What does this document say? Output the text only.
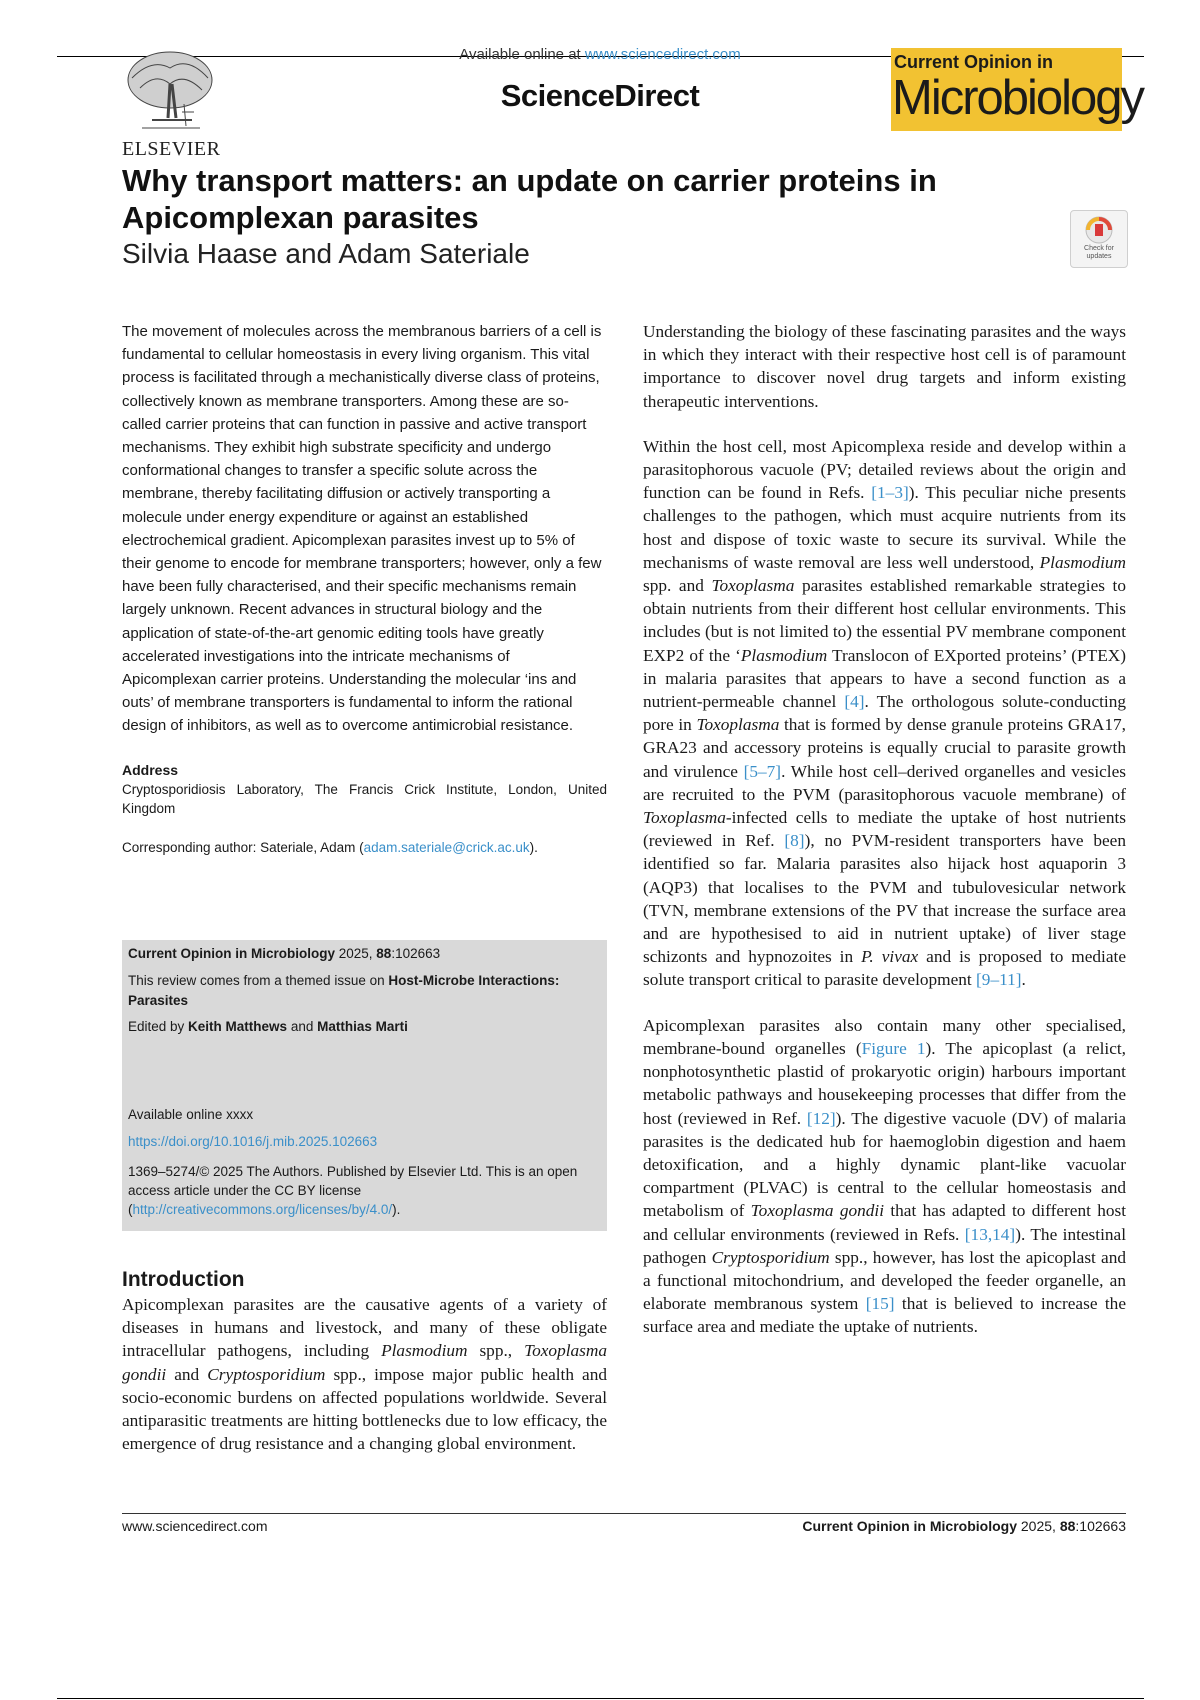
ELSEVIER
Available online at www.sciencedirect.com
ScienceDirect
Current Opinion in
Microbiology
Why transport matters: an update on carrier proteins in Apicomplexan parasites
Silvia Haase and Adam Sateriale	Check for updates

The movement of molecules across the membranous barriers of a cell is fundamental to cellular homeostasis in every living organism. This vital process is facilitated through a mechanistically diverse class of proteins, collectively known as membrane transporters. Among these are so-called carrier proteins that can function in passive and active transport mechanisms. They exhibit high substrate specificity and undergo conformational changes to transfer a specific solute across the membrane, thereby facilitating diffusion or actively transporting a molecule under energy expenditure or against an established electrochemical gradient. Apicomplexan parasites invest up to 5% of their genome to encode for membrane transporters; however, only a few have been fully characterised, and their specific mechanisms remain largely unknown. Recent advances in structural biology and the application of state-of-the-art genomic editing tools have greatly accelerated investigations into the intricate mechanisms of Apicomplexan carrier proteins. Understanding the molecular ‘ins and outs’ of membrane transporters is fundamental to inform the rational design of inhibitors, as well as to overcome antimicrobial resistance.

Address

Cryptosporidiosis Laboratory, The Francis Crick Institute, London, United Kingdom

Corresponding author: Sateriale, Adam (adam.sateriale@crick.ac.uk).

Current Opinion in Microbiology 2025, 88:102663
This review comes from a themed issue on Host-Microbe Interactions: Parasites
Edited by Keith Matthews and Matthias Marti
Available online xxxx
https://doi.org/10.1016/j.mib.2025.102663
1369–5274/© 2025 The Authors. Published by Elsevier Ltd. This is an open access article under the CC BY license (http://creativecommons.org/licenses/by/4.0/).
Introduction

Apicomplexan parasites are the causative agents of a variety of diseases in humans and livestock, and many of these obligate intracellular pathogens, including Plasmodium spp., Toxoplasma gondii and Cryptosporidium spp., impose major public health and socio-economic burdens on affected populations worldwide. Several antiparasitic treatments are hitting bottlenecks due to low efficacy, the emergence of drug resistance and a changing global environment.

Understanding the biology of these fascinating parasites and the ways in which they interact with their respective host cell is of paramount importance to discover novel drug targets and inform existing therapeutic interventions.

Within the host cell, most Apicomplexa reside and develop within a parasitophorous vacuole (PV; detailed reviews about the origin and function can be found in Refs. [1–3]). This peculiar niche presents challenges to the pathogen, which must acquire nutrients from its host and dispose of toxic waste to secure its survival. While the mechanisms of waste removal are less well understood, Plasmodium spp. and Toxoplasma parasites established remarkable strategies to obtain nutrients from their different host cellular environments. This includes (but is not limited to) the essential PV membrane component EXP2 of the ‘Plasmodium Translocon of EXported proteins’ (PTEX) in malaria parasites that appears to have a second function as a nutrient-permeable channel [4]. The orthologous solute-conducting pore in Toxoplasma that is formed by dense granule proteins GRA17, GRA23 and accessory proteins is equally crucial to parasite growth and virulence [5–7]. While host cell–derived organelles and vesicles are recruited to the PVM (parasitophorous vacuole membrane) of Toxoplasma-infected cells to mediate the uptake of host nutrients (reviewed in Ref. [8]), no PVM-resident transporters have been identified so far. Malaria parasites also hijack host aquaporin 3 (AQP3) that localises to the PVM and tubulovesicular network (TVN, membrane extensions of the PV that increase the surface area and are hypothesised to aid in nutrient uptake) of liver stage schizonts and hypnozoites in P. vivax and is proposed to mediate solute transport critical to parasite development [9–11].

Apicomplexan parasites also contain many other specialised, membrane-bound organelles (Figure 1). The apicoplast (a relict, nonphotosynthetic plastid of prokaryotic origin) harbours important metabolic pathways and housekeeping processes that differ from the host (reviewed in Ref. [12]). The digestive vacuole (DV) of malaria parasites is the dedicated hub for haemoglobin digestion and haem detoxification, and a highly dynamic plant-like vacuolar compartment (PLVAC) is central to the cellular homeostasis and metabolism of Toxoplasma gondii that has adapted to different host and cellular environments (reviewed in Refs. [13,14]). The intestinal pathogen Cryptosporidium spp., however, has lost the apicoplast and a functional mitochondrium, and developed the feeder organelle, an elaborate membranous system [15] that is believed to increase the surface area and mediate the uptake of nutrients.

www.sciencedirect.com	Current Opinion in Microbiology 2025, 88:102663
